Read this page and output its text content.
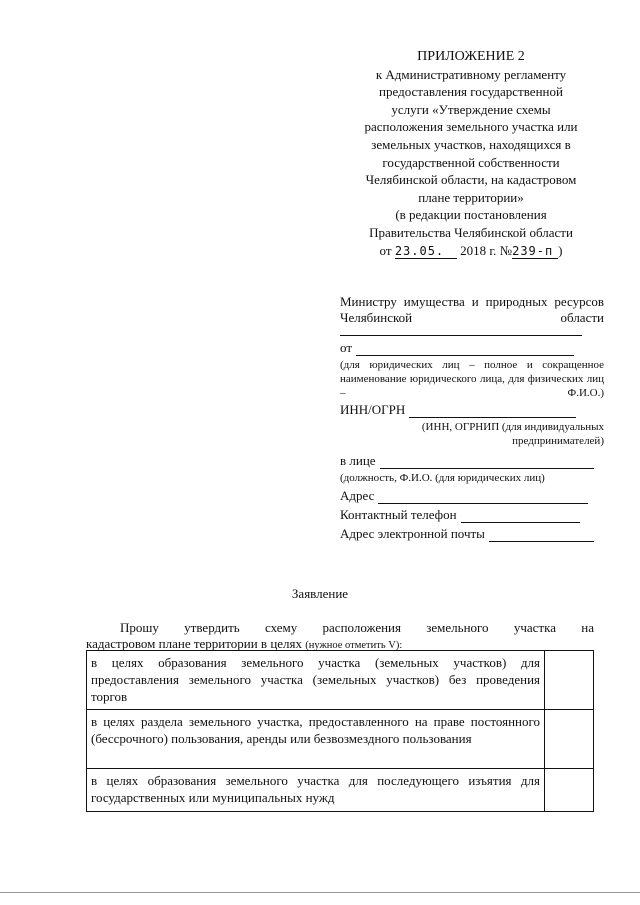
ПРИЛОЖЕНИЕ 2
к Административному регламенту
предоставления государственной
услуги «Утверждение схемы
расположения земельного участка или
земельных участков, находящихся в
государственной собственности
Челябинской области, на кадастровом
плане территории»
(в редакции постановления
Правительства Челябинской области
от 23.05. 2018 г. №239-п )
Министру имущества и природных ресурсов Челябинской области
от
(для юридических лиц – полное и сокращенное наименование юридического лица, для физических лиц – Ф.И.О.)
ИНН/ОГРН
(ИНН, ОГРНИП (для индивидуальных предпринимателей)
в лице
(должность, Ф.И.О. (для юридических лиц)
Адрес
Контактный телефон
Адрес электронной почты
Заявление
Прошу утвердить схему расположения земельного участка на
кадастровом плане территории в целях (нужное отметить V):
в целях образования земельного участка (земельных участков) для предоставления земельного участка (земельных участков) без проведения торгов	
в целях раздела земельного участка, предоставленного на праве постоянного (бессрочного) пользования, аренды или безвозмездного пользования	
в целях образования земельного участка для последующего изъятия для государственных или муниципальных нужд	
